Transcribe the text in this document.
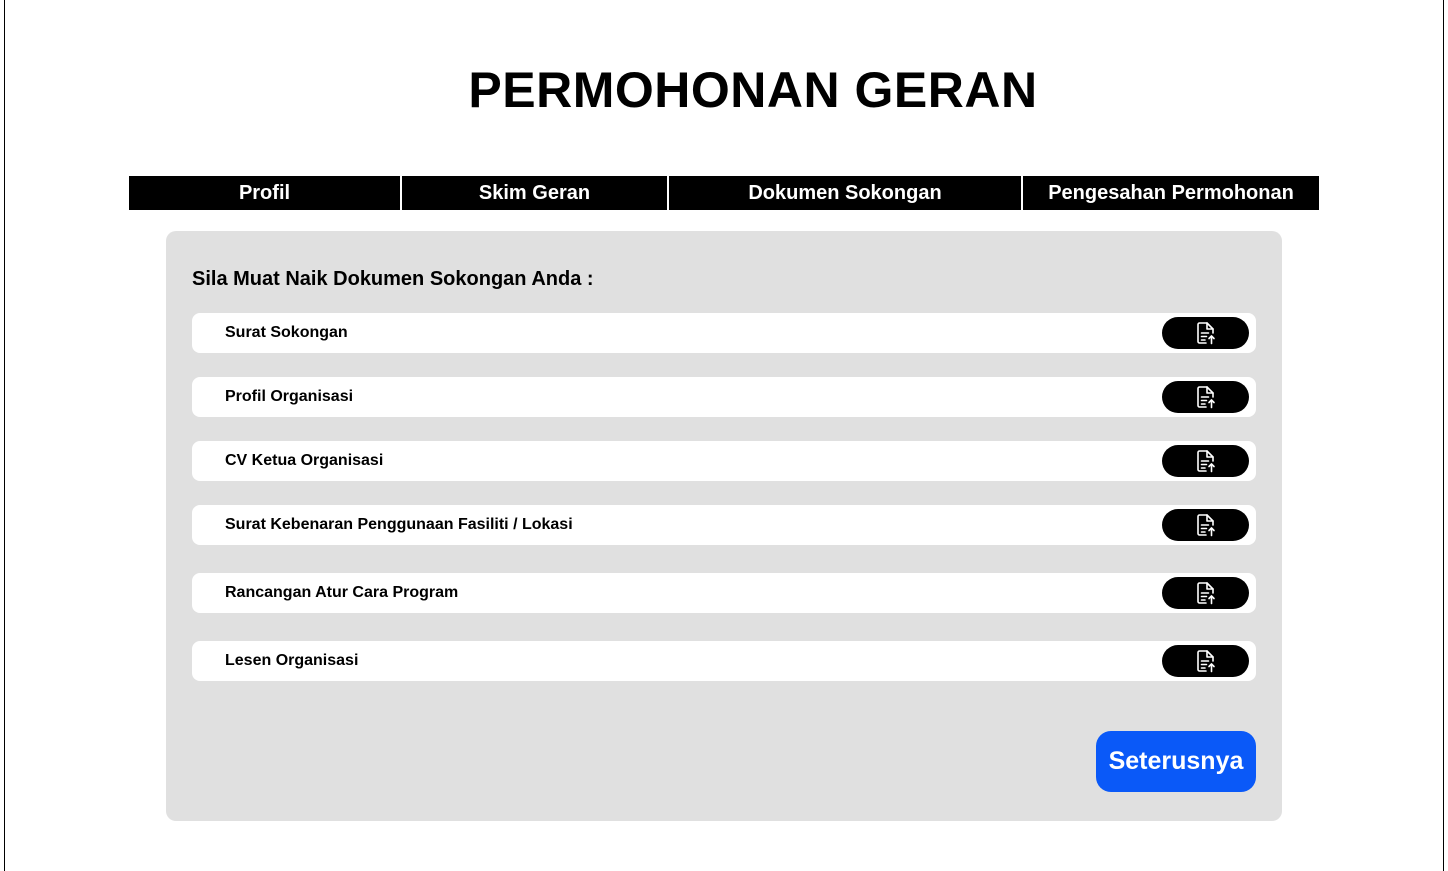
PERMOHONAN GERAN
Profil	Skim Geran	Dokumen Sokongan	Pengesahan Permohonan
Sila Muat Naik Dokumen Sokongan Anda :
Surat Sokongan
Profil Organisasi
CV Ketua Organisasi
Surat Kebenaran Penggunaan Fasiliti / Lokasi
Rancangan Atur Cara Program
Lesen Organisasi
Seterusnya
